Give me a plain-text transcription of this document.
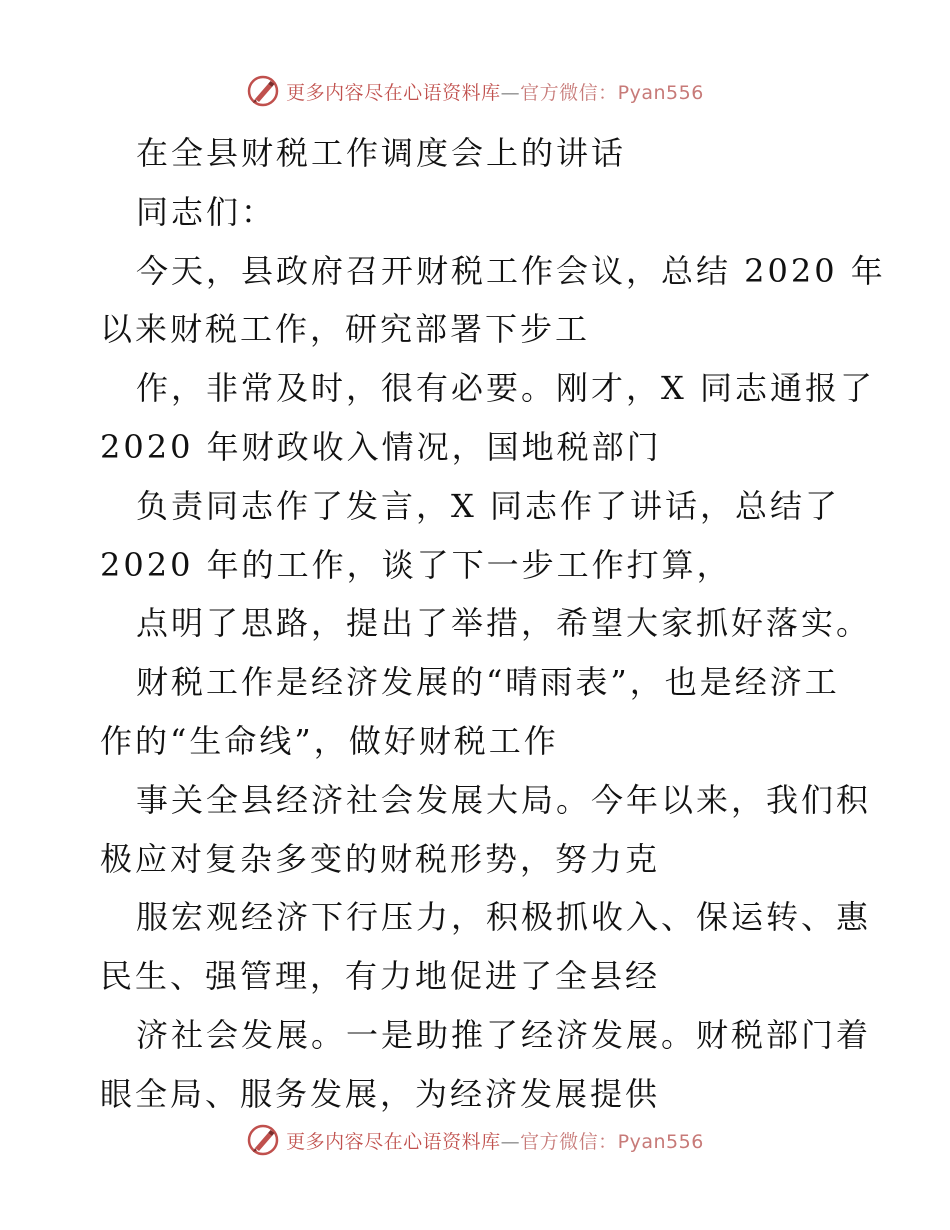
更多内容尽在心语资料库—官方微信：Pyan556
在全县财税工作调度会上的讲话
同志们：
今天，县政府召开财税工作会议，总结 2020 年
以来财税工作，研究部署下步工
作，非常及时，很有必要。刚才，X 同志通报了
2020 年财政收入情况，国地税部门
负责同志作了发言，X 同志作了讲话，总结了
2020 年的工作，谈了下一步工作打算，
点明了思路，提出了举措，希望大家抓好落实。
财税工作是经济发展的“晴雨表”，也是经济工
作的“生命线”，做好财税工作
事关全县经济社会发展大局。今年以来，我们积
极应对复杂多变的财税形势，努力克
服宏观经济下行压力，积极抓收入、保运转、惠
民生、强管理，有力地促进了全县经
济社会发展。一是助推了经济发展。财税部门着
眼全局、服务发展，为经济发展提供
更多内容尽在心语资料库—官方微信：Pyan556
